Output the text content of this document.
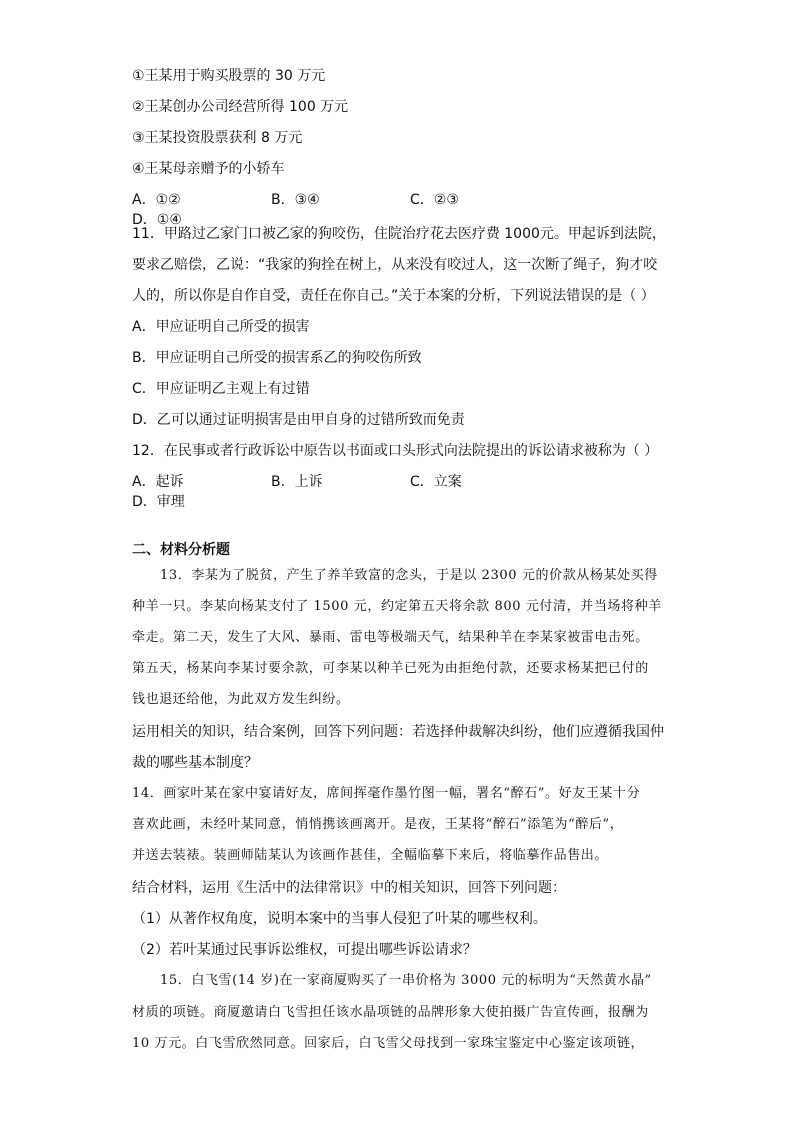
①王某用于购买股票的 30 万元
②王某创办公司经营所得 100 万元
③王某投资股票获利 8 万元
④王某母亲赠予的小轿车
A．①②	B．③④	C．②③D．①④
11．甲路过乙家门口被乙家的狗咬伤，住院治疗花去医疗费 1000元。甲起诉到法院，
要求乙赔偿，乙说：“我家的狗拴在树上，从来没有咬过人，这一次断了绳子，狗才咬
人的，所以你是自作自受，责任在你自己。”关于本案的分析，下列说法错误的是（ ）
A．甲应证明自己所受的损害
B．甲应证明自己所受的损害系乙的狗咬伤所致
C．甲应证明乙主观上有过错
D．乙可以通过证明损害是由甲自身的过错所致而免责
12．在民事或者行政诉讼中原告以书面或口头形式向法院提出的诉讼请求被称为（ ）
A．起诉	B．上诉	C．立案D．审理
二、材料分析题
13．李某为了脱贫，产生了养羊致富的念头，于是以 2300 元的价款从杨某处买得
种羊一只。李某向杨某支付了 1500 元，约定第五天将余款 800 元付清，并当场将种羊
牵走。第二天，发生了大风、暴雨、雷电等极端天气，结果种羊在李某家被雷电击死。
第五天，杨某向李某讨要余款，可李某以种羊已死为由拒绝付款，还要求杨某把已付的
钱也退还给他，为此双方发生纠纷。
运用相关的知识，结合案例，回答下列问题：若选择仲裁解决纠纷，他们应遵循我国仲
裁的哪些基本制度？
14．画家叶某在家中宴请好友，席间挥毫作墨竹图一幅，署名“醉石”。好友王某十分
喜欢此画，未经叶某同意，悄悄携该画离开。是夜，王某将“醉石”添笔为“醉后”，
并送去装裱。装画师陆某认为该画作甚佳，全幅临摹下来后，将临摹作品售出。
结合材料，运用《生活中的法律常识》中的相关知识，回答下列问题：
（1）从著作权角度，说明本案中的当事人侵犯了叶某的哪些权利。
（2）若叶某通过民事诉讼维权，可提出哪些诉讼请求？
15．白飞雪(14 岁)在一家商厦购买了一串价格为 3000 元的标明为“天然黄水晶”
材质的项链。商厦邀请白飞雪担任该水晶项链的品牌形象大使拍摄广告宣传画，报酬为
10 万元。白飞雪欣然同意。回家后，白飞雪父母找到一家珠宝鉴定中心鉴定该项链，
